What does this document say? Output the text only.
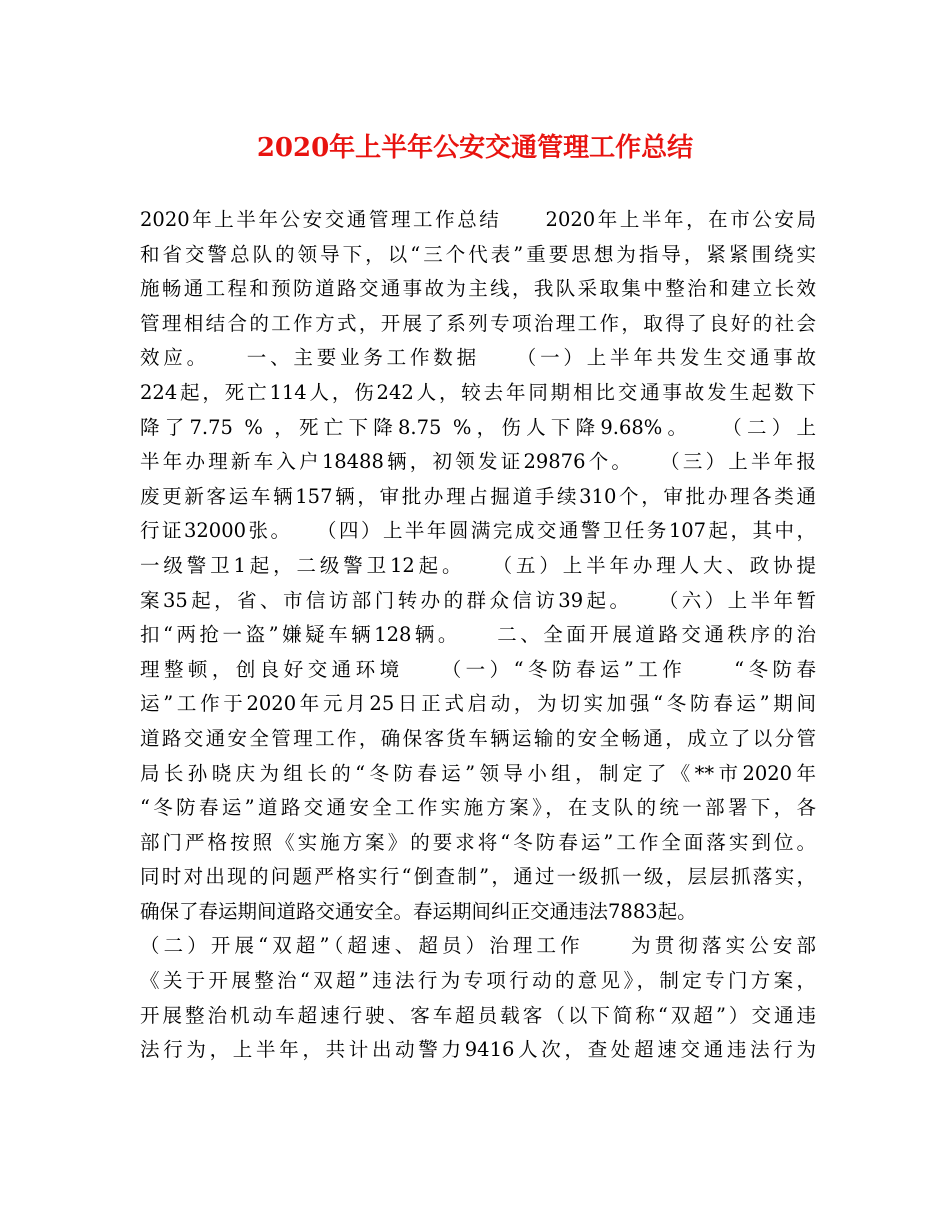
2020年上半年公安交通管理工作总结
2020年上半年公安交通管理工作总结　　2020年上半年，在市公安局
和省交警总队的领导下，以“三个代表”重要思想为指导，紧紧围绕实
施畅通工程和预防道路交通事故为主线，我队采取集中整治和建立长效
管理相结合的工作方式，开展了系列专项治理工作，取得了良好的社会
效应。　　一、主要业务工作数据　　（一）上半年共发生交通事故
224起，死亡114人，伤242人，较去年同期相比交通事故发生起数下
降了7.75 % ，死亡下降8.75 %，伤人下降9.68%。　　（二）上
半年办理新车入户18488辆，初领发证29876个。　　（三）上半年报
废更新客运车辆157辆，审批办理占掘道手续310个，审批办理各类通
行证32000张。　　（四）上半年圆满完成交通警卫任务107起，其中，
一级警卫1起，二级警卫12起。　　（五）上半年办理人大、政协提
案35起，省、市信访部门转办的群众信访39起。　　（六）上半年暂
扣“两抢一盗”嫌疑车辆128辆。　　二、全面开展道路交通秩序的治
理整顿，创良好交通环境　　（一）“冬防春运”工作　　“冬防春
运”工作于2020年元月25日正式启动，为切实加强“冬防春运”期间
道路交通安全管理工作，确保客货车辆运输的安全畅通，成立了以分管
局长孙晓庆为组长的“冬防春运”领导小组，制定了《**市2020年
“冬防春运”道路交通安全工作实施方案》，在支队的统一部署下，各
部门严格按照《实施方案》的要求将“冬防春运”工作全面落实到位。
同时对出现的问题严格实行“倒查制”，通过一级抓一级，层层抓落实，
确保了春运期间道路交通安全。春运期间纠正交通违法7883起。
（二）开展“双超”（超速、超员）治理工作　　为贯彻落实公安部
《关于开展整治“双超”违法行为专项行动的意见》，制定专门方案，
开展整治机动车超速行驶、客车超员载客（以下简称“双超”）交通违
法行为，上半年，共计出动警力9416人次，查处超速交通违法行为
